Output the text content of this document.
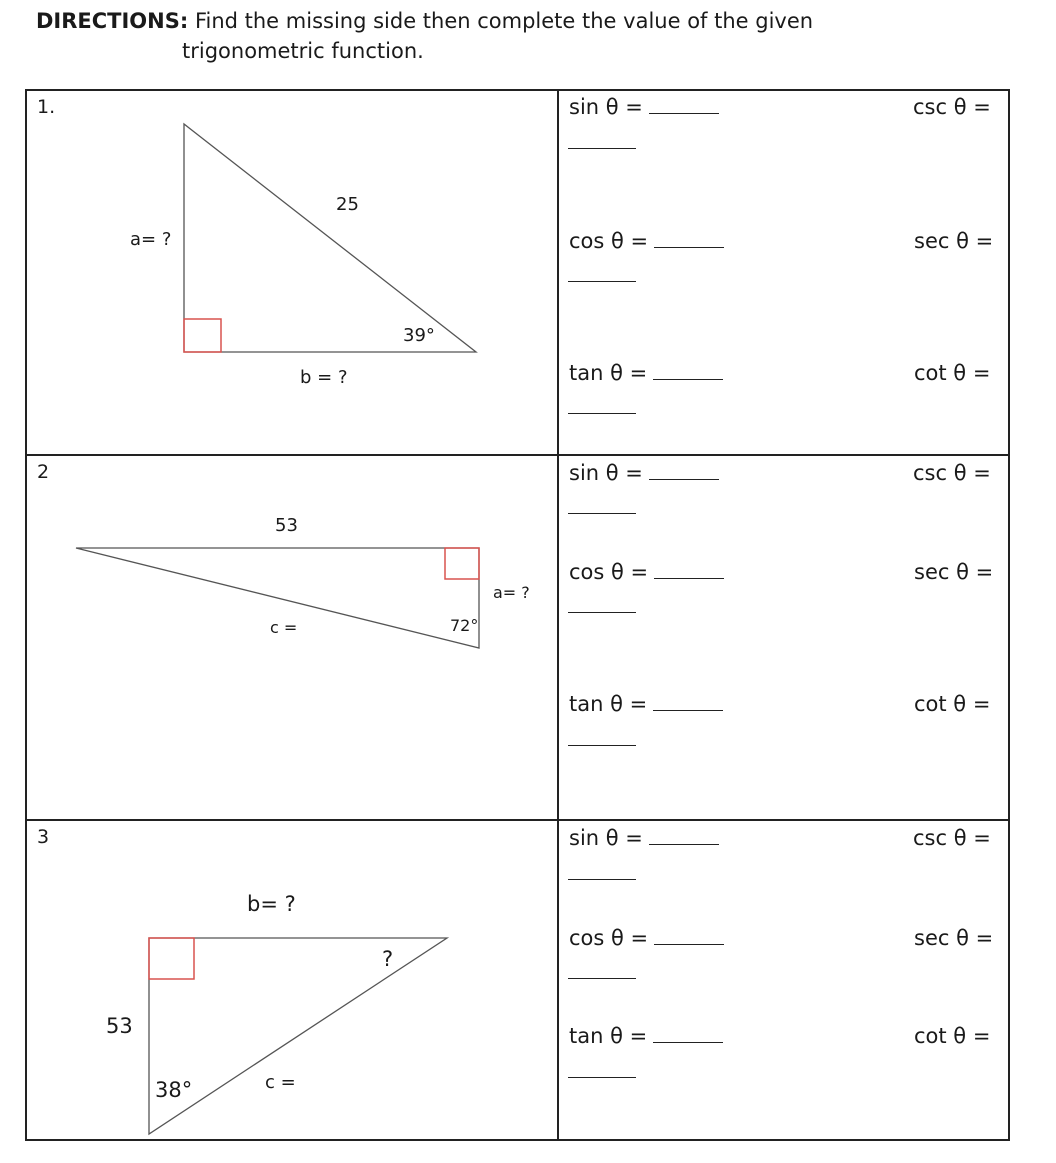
DIRECTIONS: Find the missing side then complete the value of the given
trigonometric function.
1.
2
3
25
a= ?
39°
b = ?
53
c =	72°
a= ?
b= ?
?
53
38°	c =
sin θ =	csc θ =
cos θ =	sec θ =
tan θ =	cot θ =
sin θ =	csc θ =
cos θ =	sec θ =
tan θ =	cot θ =
sin θ =	csc θ =
cos θ =	sec θ =
tan θ =	cot θ =
